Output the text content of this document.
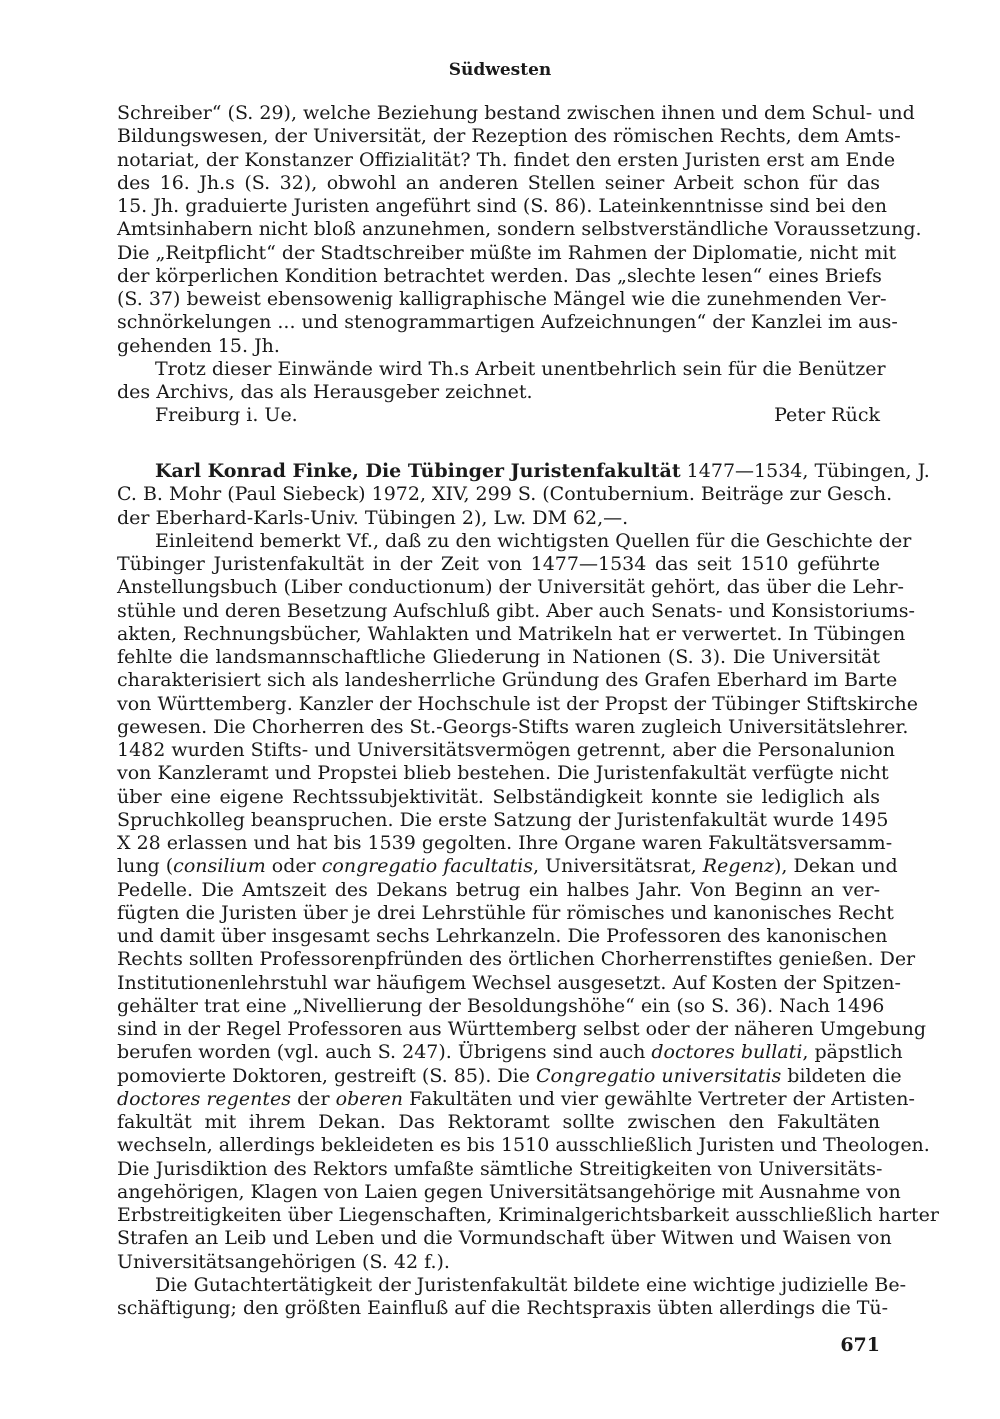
Südwesten
Schreiber“ (S. 29), welche Beziehung bestand zwischen ihnen und dem Schul- und
Bildungswesen, der Universität, der Rezeption des römischen Rechts, dem Amts-
notariat, der Konstanzer Offizialität? Th. findet den ersten Juristen erst am Ende
des 16. Jh.s (S. 32), obwohl an anderen Stellen seiner Arbeit schon für das
15. Jh. graduierte Juristen angeführt sind (S. 86). Lateinkenntnisse sind bei den
Amtsinhabern nicht bloß anzunehmen, sondern selbstverständliche Voraussetzung.
Die „Reitpflicht“ der Stadtschreiber müßte im Rahmen der Diplomatie, nicht mit
der körperlichen Kondition betrachtet werden. Das „slechte lesen“ eines Briefs
(S. 37) beweist ebensowenig kalligraphische Mängel wie die zunehmenden Ver-
schnörkelungen ... und stenogrammartigen Aufzeichnungen“ der Kanzlei im aus-
gehenden 15. Jh.
Trotz dieser Einwände wird Th.s Arbeit unentbehrlich sein für die Benützer
des Archivs, das als Herausgeber zeichnet.
Freiburg i. Ue.	Peter Rück
Karl Konrad Finke, Die Tübinger Juristenfakultät 1477—1534, Tübingen, J.
C. B. Mohr (Paul Siebeck) 1972, XIV, 299 S. (Contubernium. Beiträge zur Gesch.
der Eberhard-Karls-Univ. Tübingen 2), Lw. DM 62,—.
Einleitend bemerkt Vf., daß zu den wichtigsten Quellen für die Geschichte der
Tübinger Juristenfakultät in der Zeit von 1477—1534 das seit 1510 geführte
Anstellungsbuch (Liber conductionum) der Universität gehört, das über die Lehr-
stühle und deren Besetzung Aufschluß gibt. Aber auch Senats- und Konsistoriums-
akten, Rechnungsbücher, Wahlakten und Matrikeln hat er verwertet. In Tübingen
fehlte die landsmannschaftliche Gliederung in Nationen (S. 3). Die Universität
charakterisiert sich als landesherrliche Gründung des Grafen Eberhard im Barte
von Württemberg. Kanzler der Hochschule ist der Propst der Tübinger Stiftskirche
gewesen. Die Chorherren des St.-Georgs-Stifts waren zugleich Universitätslehrer.
1482 wurden Stifts- und Universitätsvermögen getrennt, aber die Personalunion
von Kanzleramt und Propstei blieb bestehen. Die Juristenfakultät verfügte nicht
über eine eigene Rechtssubjektivität. Selbständigkeit konnte sie lediglich als
Spruchkolleg beanspruchen. Die erste Satzung der Juristenfakultät wurde 1495
X 28 erlassen und hat bis 1539 gegolten. Ihre Organe waren Fakultätsversamm-
lung (consilium oder congregatio facultatis, Universitätsrat, Regenz), Dekan und
Pedelle. Die Amtszeit des Dekans betrug ein halbes Jahr. Von Beginn an ver-
fügten die Juristen über je drei Lehrstühle für römisches und kanonisches Recht
und damit über insgesamt sechs Lehrkanzeln. Die Professoren des kanonischen
Rechts sollten Professorenpfründen des örtlichen Chorherrenstiftes genießen. Der
Institutionenlehrstuhl war häufigem Wechsel ausgesetzt. Auf Kosten der Spitzen-
gehälter trat eine „Nivellierung der Besoldungshöhe“ ein (so S. 36). Nach 1496
sind in der Regel Professoren aus Württemberg selbst oder der näheren Umgebung
berufen worden (vgl. auch S. 247). Übrigens sind auch doctores bullati, päpstlich
pomovierte Doktoren, gestreift (S. 85). Die Congregatio universitatis bildeten die
doctores regentes der oberen Fakultäten und vier gewählte Vertreter der Artisten-
fakultät mit ihrem Dekan. Das Rektoramt sollte zwischen den Fakultäten
wechseln, allerdings bekleideten es bis 1510 ausschließlich Juristen und Theologen.
Die Jurisdiktion des Rektors umfaßte sämtliche Streitigkeiten von Universitäts-
angehörigen, Klagen von Laien gegen Universitätsangehörige mit Ausnahme von
Erbstreitigkeiten über Liegenschaften, Kriminalgerichtsbarkeit ausschließlich harter
Strafen an Leib und Leben und die Vormundschaft über Witwen und Waisen von
Universitätsangehörigen (S. 42 f.).
Die Gutachtertätigkeit der Juristenfakultät bildete eine wichtige judizielle Be-
schäftigung; den größten Eainfluß auf die Rechtspraxis übten allerdings die Tü-
671
